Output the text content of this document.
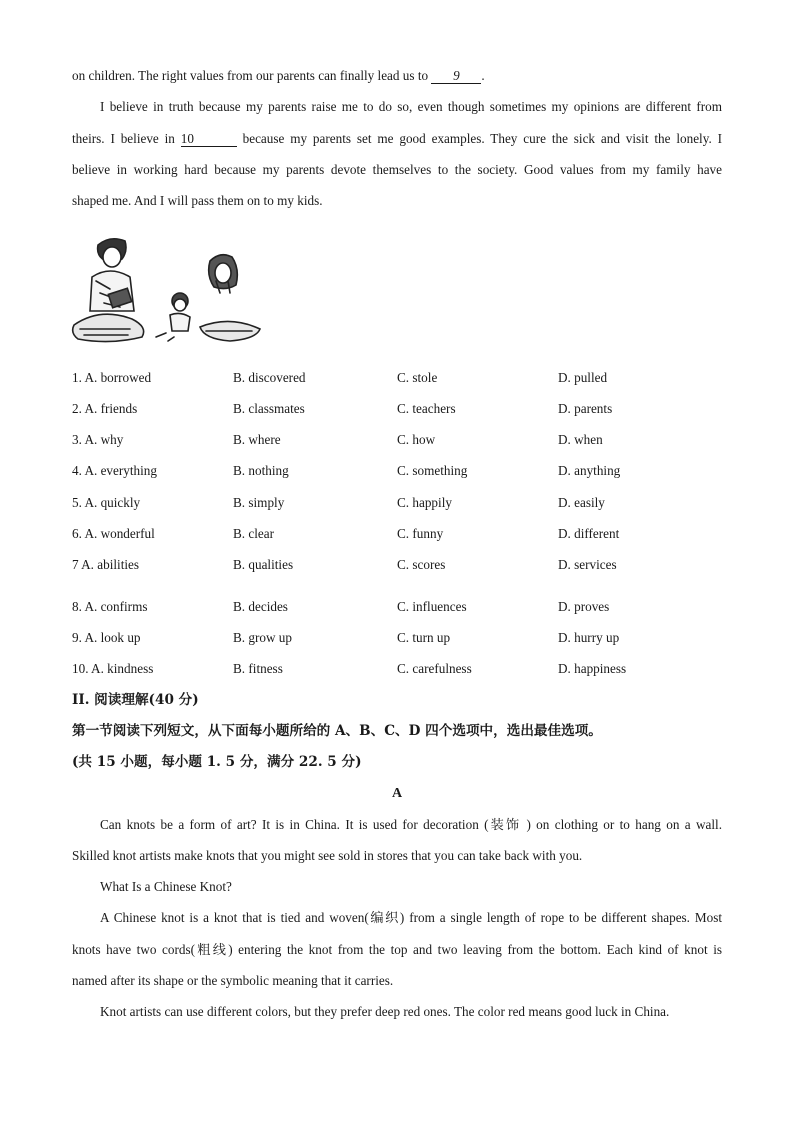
on children. The right values from our parents can finally lead us to 9 .
I believe in truth because my parents raise me to do so, even though sometimes my opinions are different from
theirs. I believe in 10	because my parents set me good examples. They cure the sick and visit the lonely. I
believe in working hard because my parents devote themselves to the society. Good values from my family have
shaped me. And I will pass them on to my kids.
1. A. borrowed	B. discovered	C. stole	D. pulled
2. A. friends	B. classmates	C. teachers	D. parents
3. A. why	B. where	C. how	D. when
4. A. everything	B. nothing	C. something	D. anything
5. A. quickly	B. simply	C. happily	D. easily
6. A. wonderful	B. clear	C. funny	D. different
7 A. abilities	B. qualities	C. scores	D. services
8. A. confirms	B. decides	C. influences	D. proves
9. A. look up	B. grow up	C. turn up	D. hurry up
10. A. kindness	B. fitness	C. carefulness	D. happiness
II. 阅读理解(40 分)
第一节阅读下列短文，从下面每小题所给的 A、B、C、D 四个选项中，选出最佳选项。
(共 15 小题，每小题 1. 5 分，满分 22. 5 分)
A
Can knots be a form of art? It is in China. It is used for decoration (装饰 ) on clothing or to hang on a wall.
Skilled knot artists make knots that you might see sold in stores that you can take back with you.
What Is a Chinese Knot?
A Chinese knot is a knot that is tied and woven(编织) from a single length of rope to be different shapes. Most
knots have two cords(粗线) entering the knot from the top and two leaving from the bottom. Each kind of knot is
named after its shape or the symbolic meaning that it carries.
Knot artists can use different colors, but they prefer deep red ones. The color red means good luck in China.
